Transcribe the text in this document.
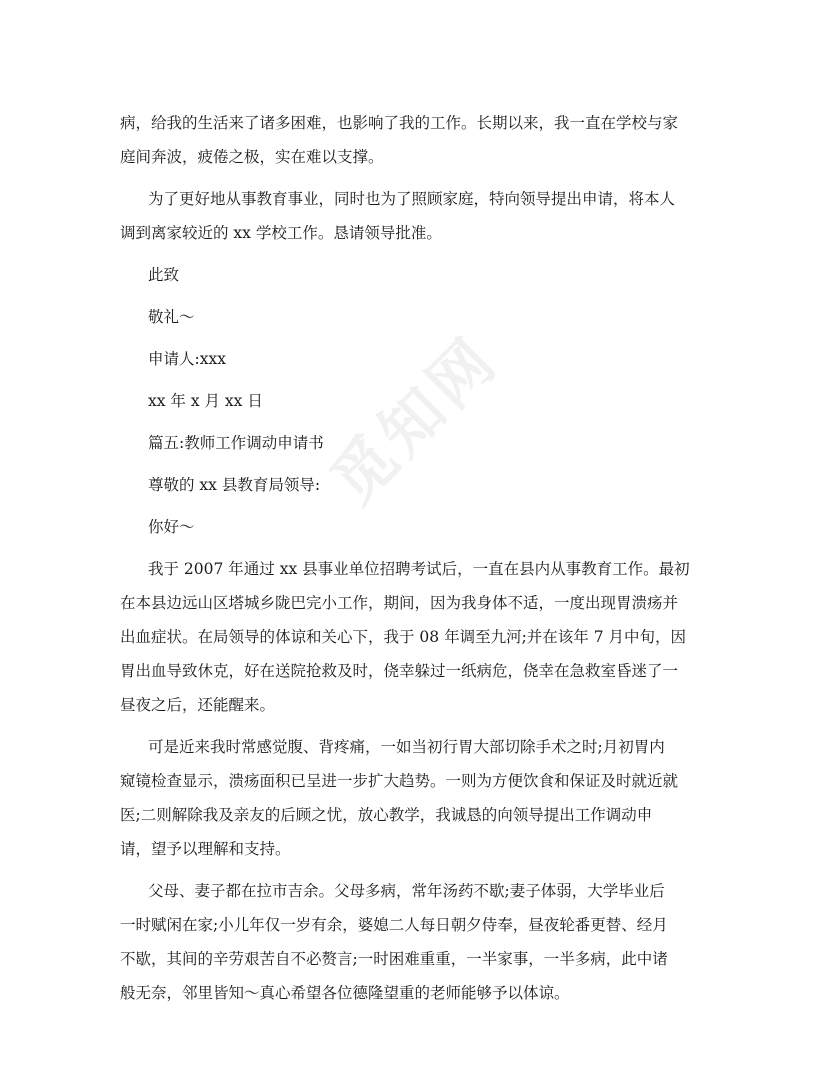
病，给我的生活来了诸多困难，也影响了我的工作。长期以来，我一直在学校与家
庭间奔波，疲倦之极，实在难以支撑。
为了更好地从事教育事业，同时也为了照顾家庭，特向领导提出申请，将本人
调到离家较近的 xx 学校工作。恳请领导批准。
此致
敬礼～
申请人:xxx
xx 年 x 月 xx 日
篇五:教师工作调动申请书
尊敬的 xx 县教育局领导:
你好～
我于 2007 年通过 xx 县事业单位招聘考试后，一直在县内从事教育工作。最初
在本县边远山区塔城乡陇巴完小工作，期间，因为我身体不适，一度出现胃溃疡并
出血症状。在局领导的体谅和关心下，我于 08 年调至九河;并在该年 7 月中旬，因
胃出血导致休克，好在送院抢救及时，侥幸躲过一纸病危，侥幸在急救室昏迷了一
昼夜之后，还能醒来。
可是近来我时常感觉腹、背疼痛，一如当初行胃大部切除手术之时;月初胃内
窥镜检查显示，溃疡面积已呈进一步扩大趋势。一则为方便饮食和保证及时就近就
医;二则解除我及亲友的后顾之忧，放心教学，我诚恳的向领导提出工作调动申
请，望予以理解和支持。
父母、妻子都在拉市吉余。父母多病，常年汤药不歇;妻子体弱，大学毕业后
一时赋闲在家;小儿年仅一岁有余，婆媳二人每日朝夕侍奉，昼夜轮番更替、经月
不歇，其间的辛劳艰苦自不必赘言;一时困难重重，一半家事，一半多病，此中诸
般无奈，邻里皆知～真心希望各位德隆望重的老师能够予以体谅。
觅知网
